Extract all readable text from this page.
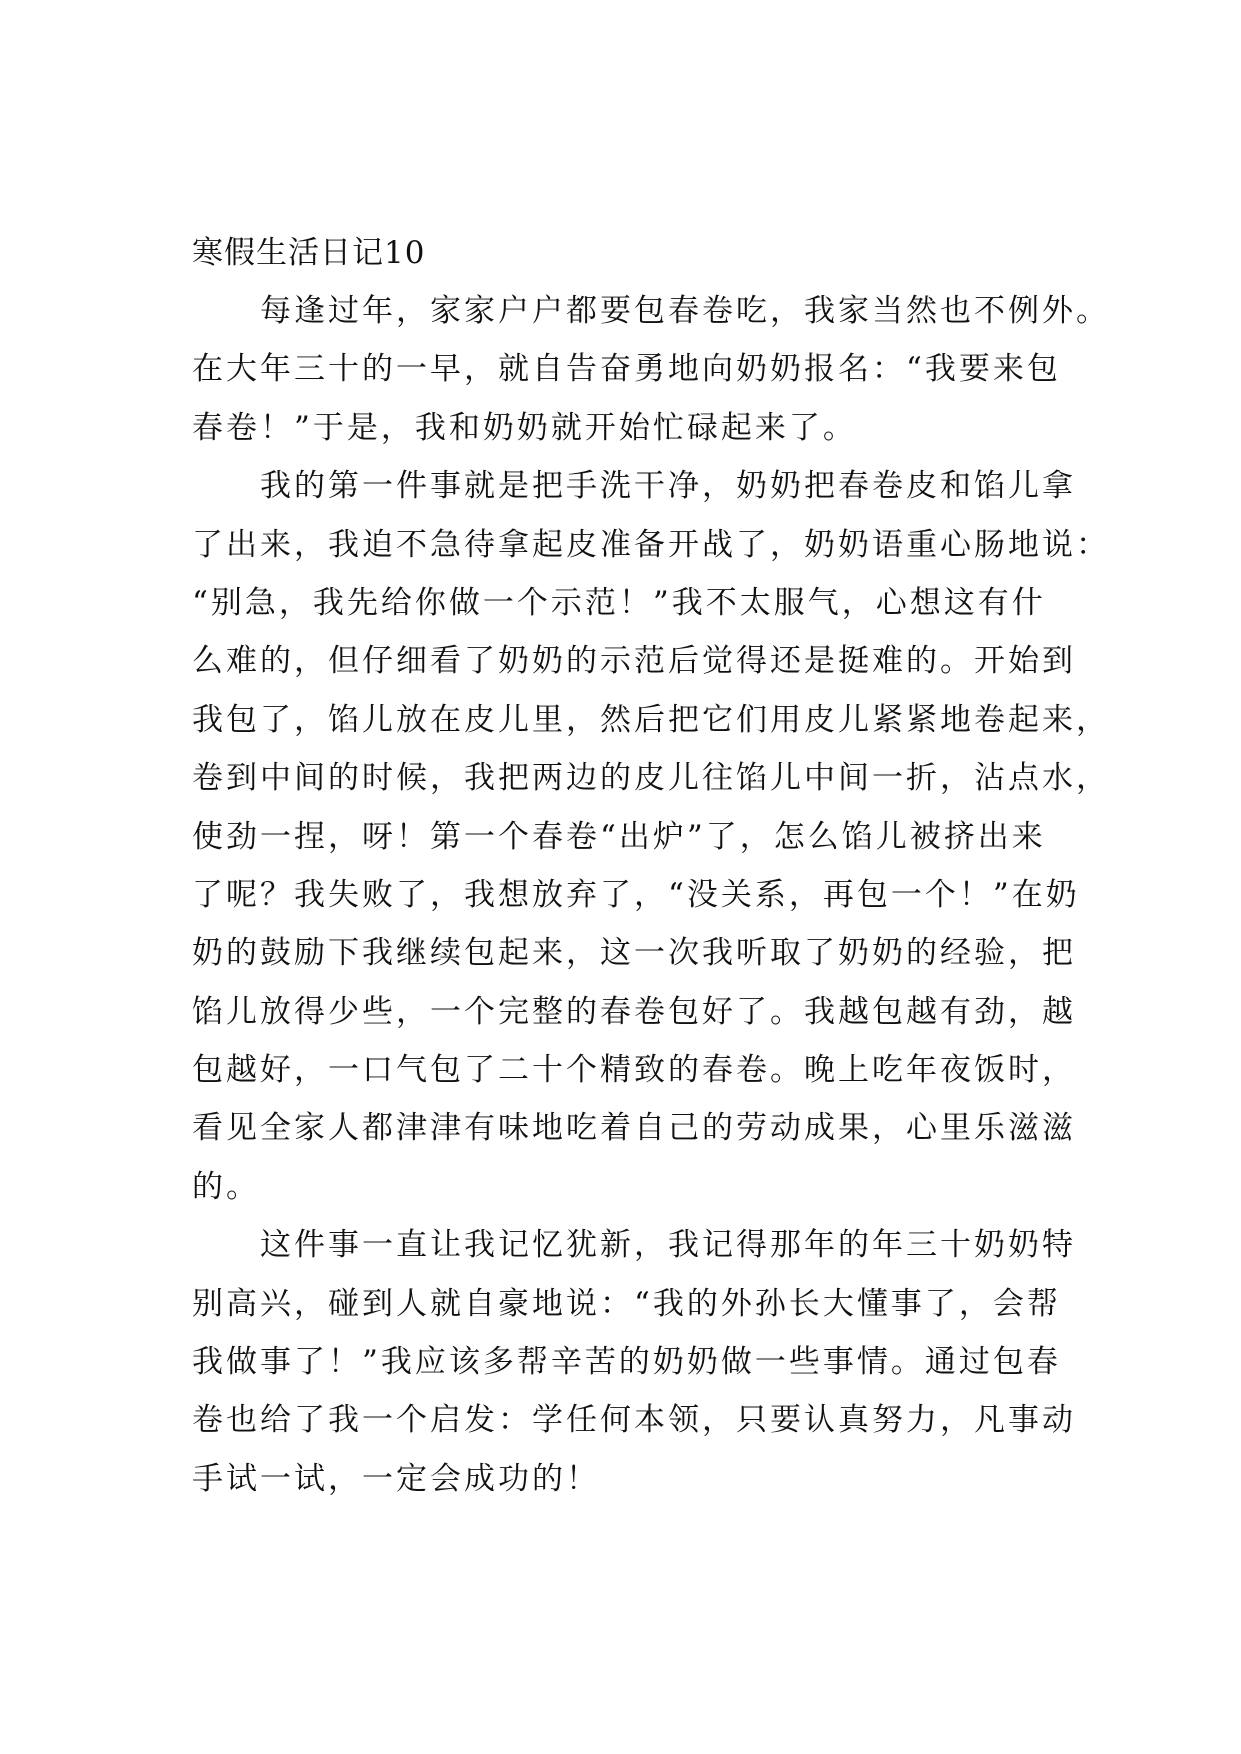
寒假生活日记10

每逢过年，家家户户都要包春卷吃，我家当然也不例外。
在大年三十的一早，就自告奋勇地向奶奶报名：“我要来包
春卷！”于是，我和奶奶就开始忙碌起来了。

我的第一件事就是把手洗干净，奶奶把春卷皮和馅儿拿
了出来，我迫不急待拿起皮准备开战了，奶奶语重心肠地说：
“别急，我先给你做一个示范！”我不太服气，心想这有什
么难的，但仔细看了奶奶的示范后觉得还是挺难的。开始到
我包了，馅儿放在皮儿里，然后把它们用皮儿紧紧地卷起来，
卷到中间的时候，我把两边的皮儿往馅儿中间一折，沾点水，
使劲一捏，呀！第一个春卷“出炉”了，怎么馅儿被挤出来
了呢？我失败了，我想放弃了，“没关系，再包一个！”在奶
奶的鼓励下我继续包起来，这一次我听取了奶奶的经验，把
馅儿放得少些，一个完整的春卷包好了。我越包越有劲，越
包越好，一口气包了二十个精致的春卷。晚上吃年夜饭时，
看见全家人都津津有味地吃着自己的劳动成果，心里乐滋滋
的。

这件事一直让我记忆犹新，我记得那年的年三十奶奶特
别高兴，碰到人就自豪地说：“我的外孙长大懂事了，会帮
我做事了！”我应该多帮辛苦的奶奶做一些事情。通过包春
卷也给了我一个启发：学任何本领，只要认真努力，凡事动
手试一试，一定会成功的！
